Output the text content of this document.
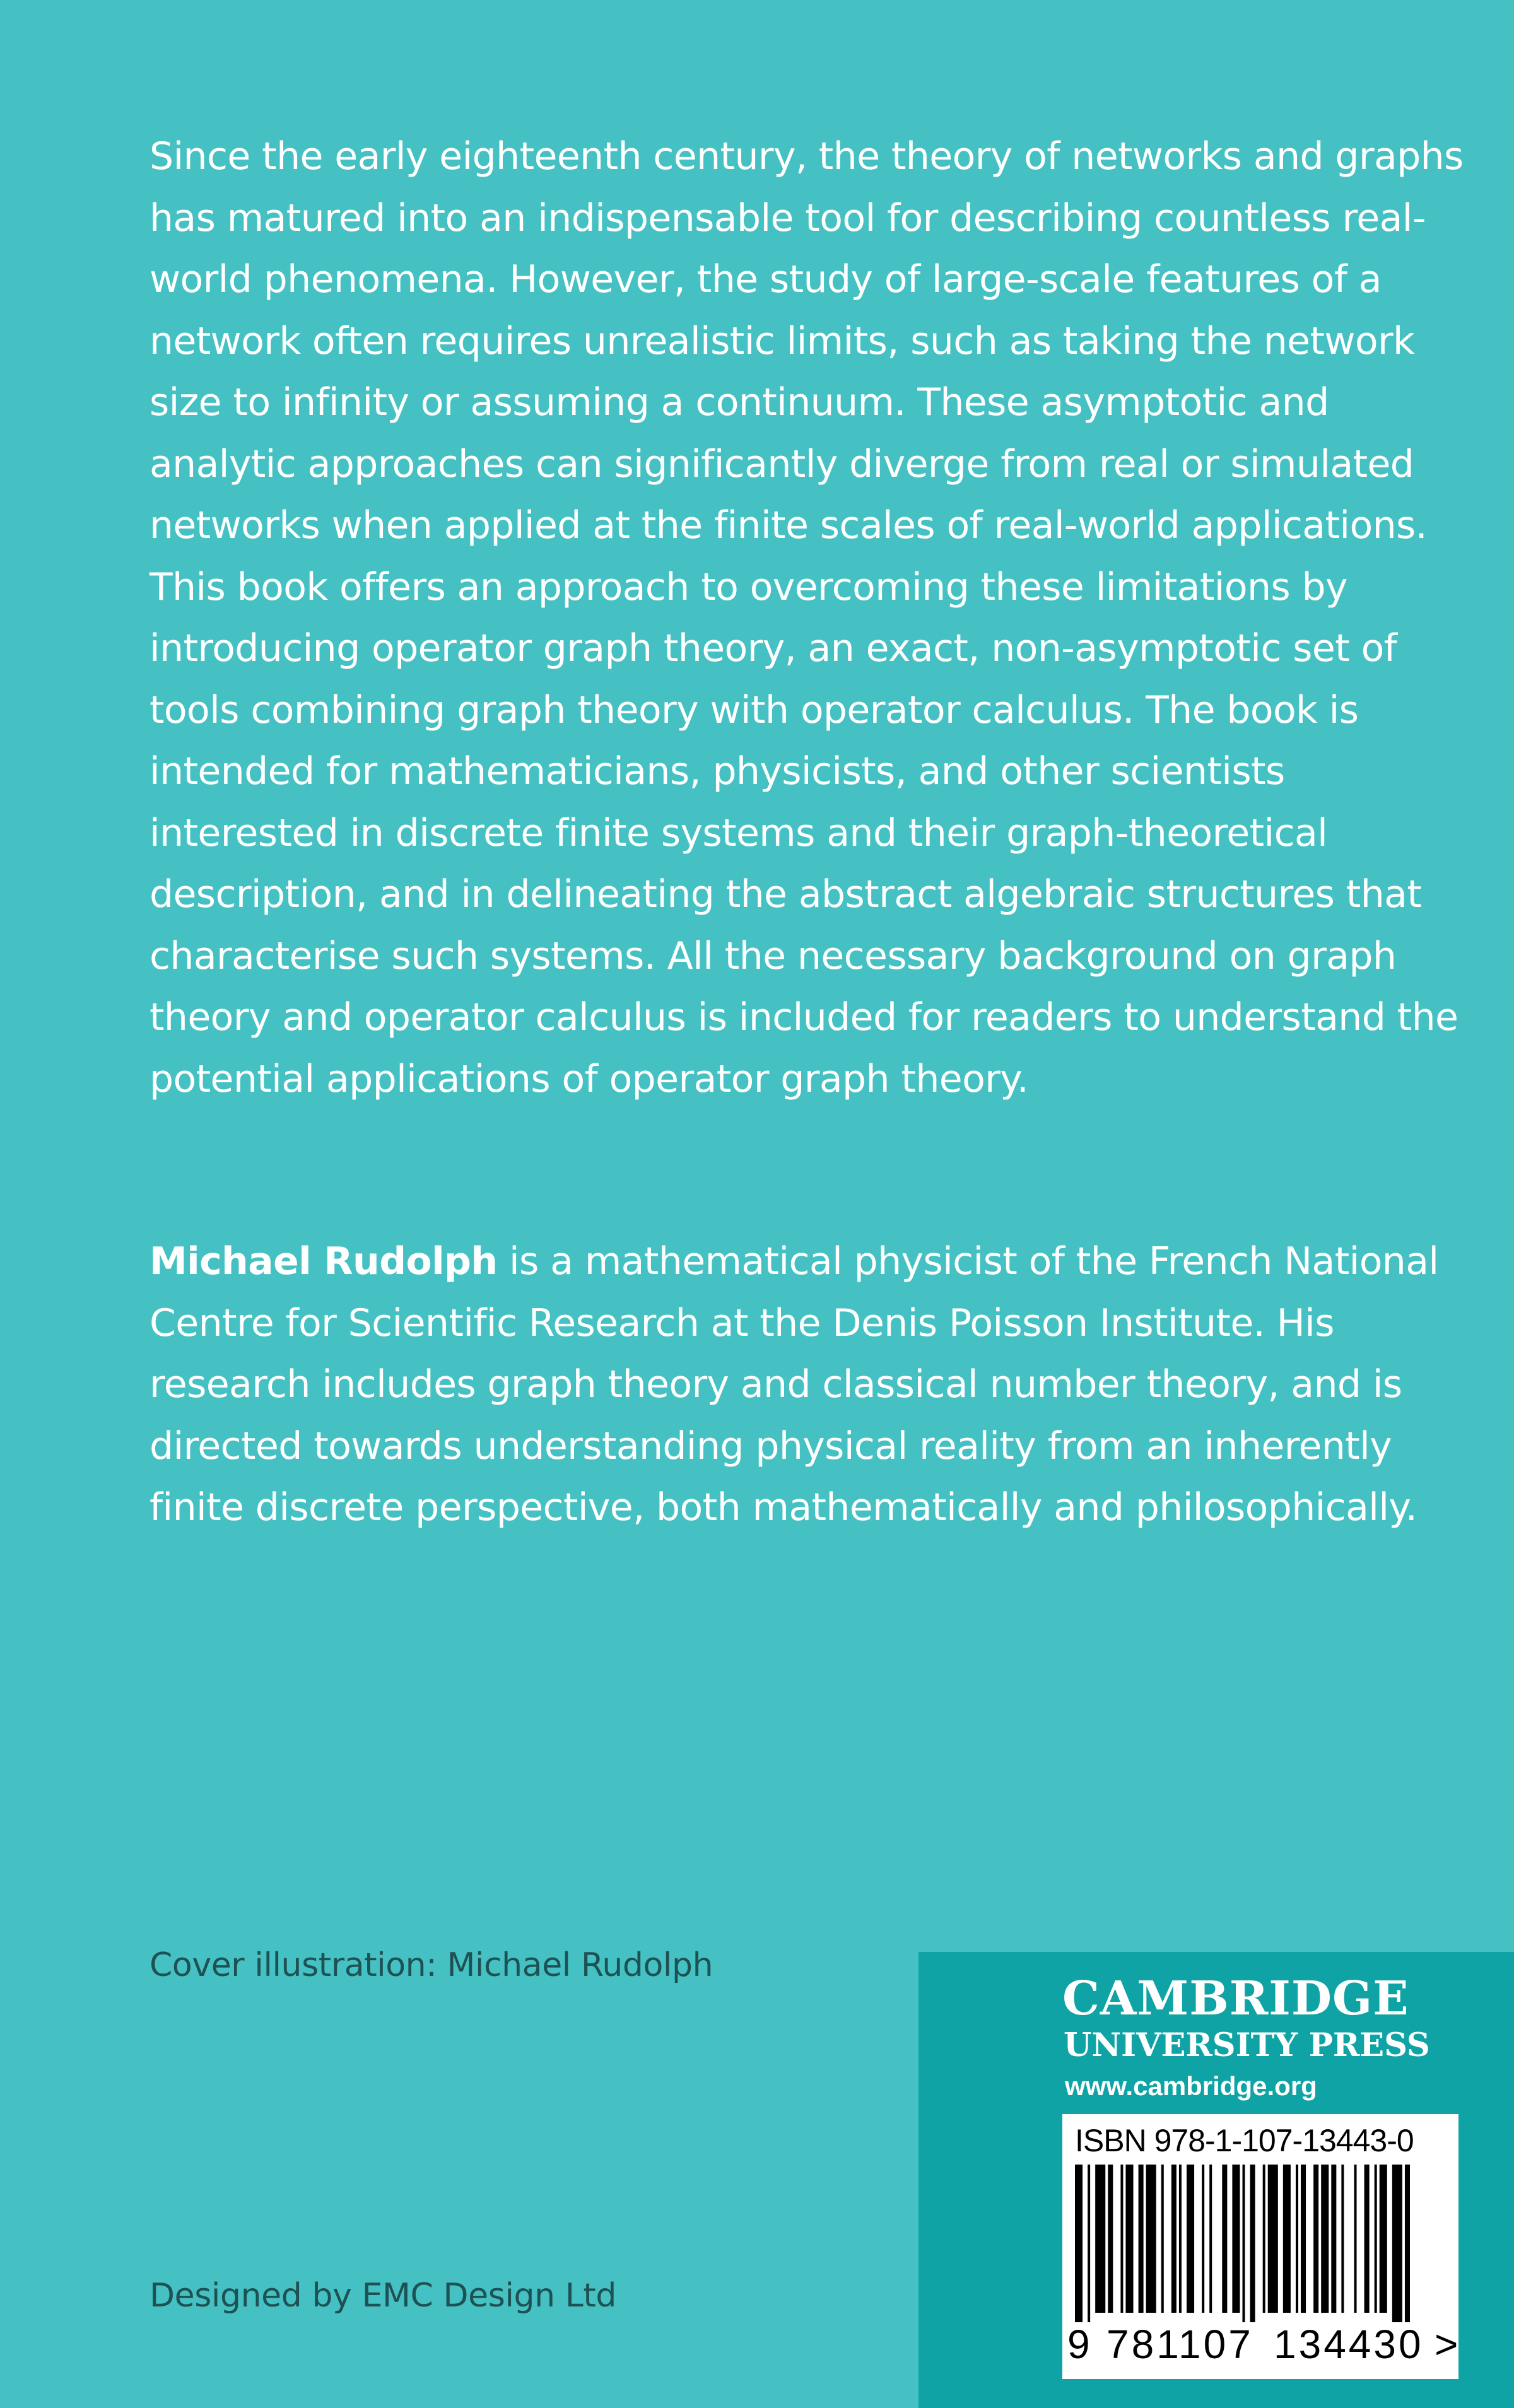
Since the early eighteenth century, the theory of networks and graphs has matured into an indispensable tool for describing countless real-world phenomena. However, the study of large-scale features of a network often requires unrealistic limits, such as taking the network size to infinity or assuming a continuum. These asymptotic and analytic approaches can significantly diverge from real or simulated networks when applied at the finite scales of real-world applications. This book offers an approach to overcoming these limitations by introducing operator graph theory, an exact, non-asymptotic set of tools combining graph theory with operator calculus. The book is intended for mathematicians, physicists, and other scientists interested in discrete finite systems and their graph-theoretical description, and in delineating the abstract algebraic structures that characterise such systems. All the necessary background on graph theory and operator calculus is included for readers to understand the potential applications of operator graph theory.

Michael Rudolph is a mathematical physicist of the French National Centre for Scientific Research at the Denis Poisson Institute. His research includes graph theory and classical number theory, and is directed towards understanding physical reality from an inherently finite discrete perspective, both mathematically and philosophically.

Cover illustration: Michael Rudolph

Designed by EMC Design Ltd

CAMBRIDGE
UNIVERSITY PRESS
www.cambridge.org
ISBN 978-1-107-13443-0
9 781107 134430 >
